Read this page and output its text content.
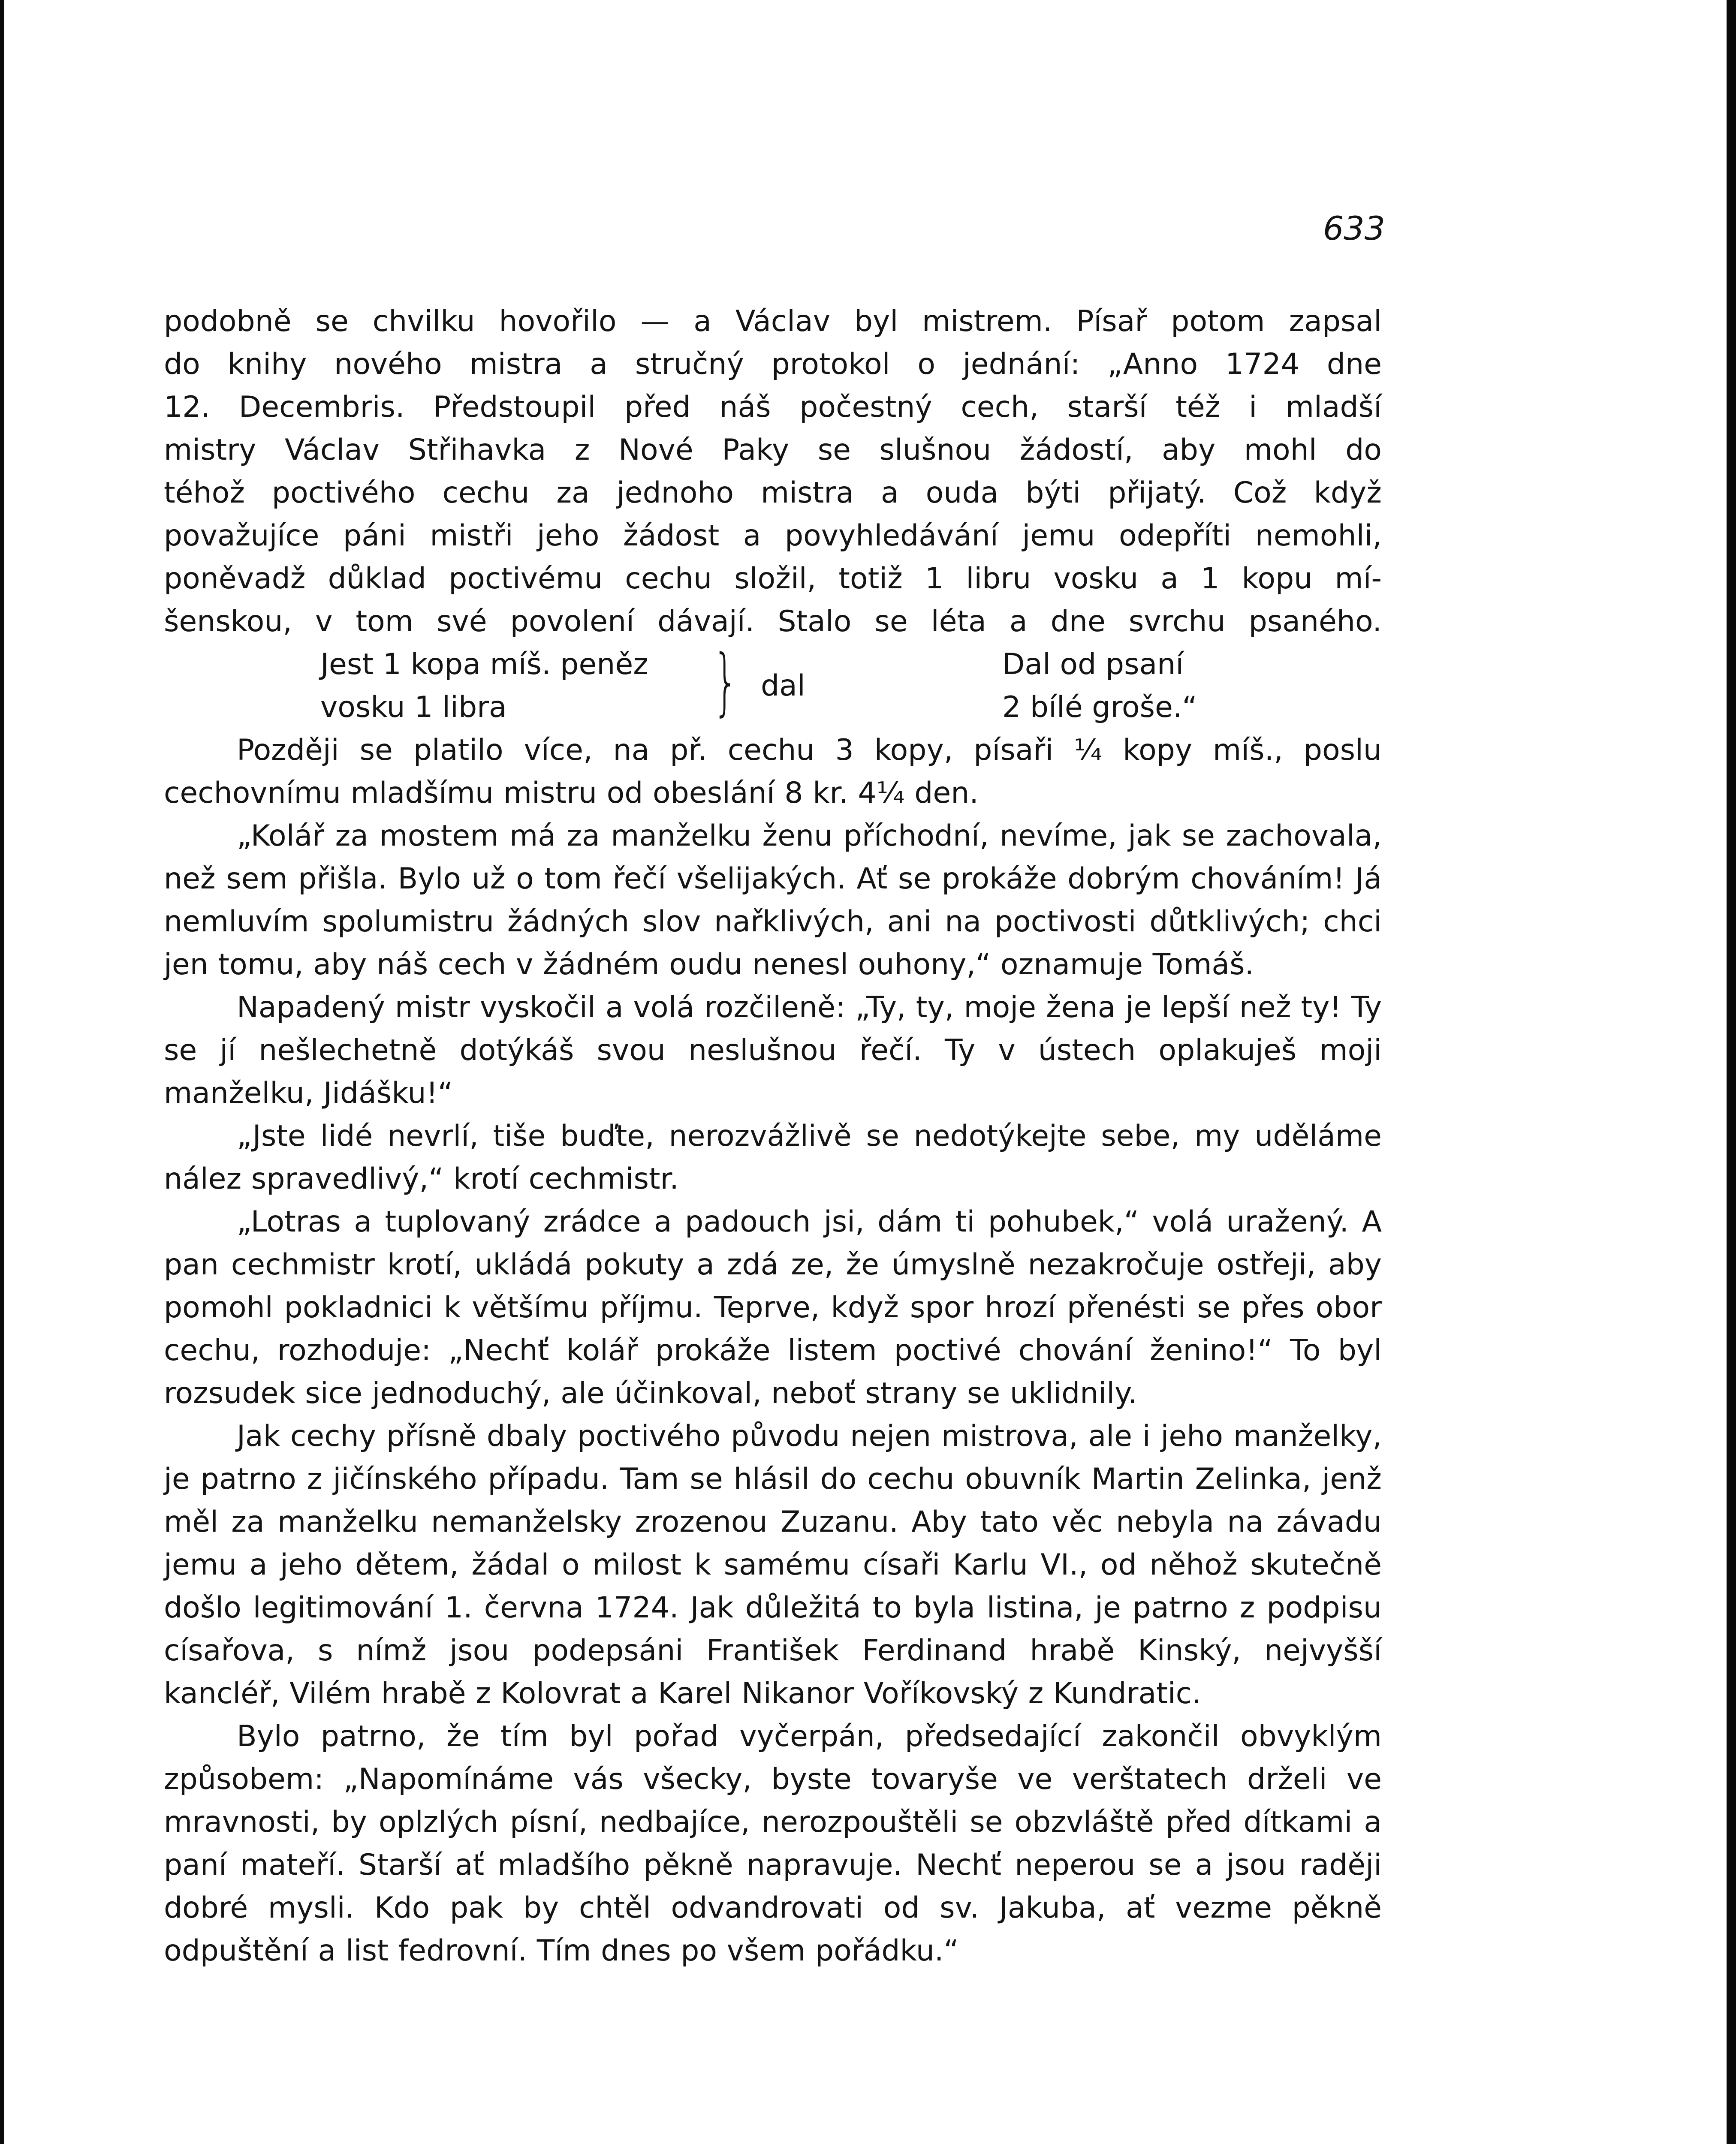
633

podobně se chvilku hovořilo — a Václav byl mistrem. Písař potom zapsal

do knihy nového mistra a stručný protokol o jednání: „Anno 1724 dne

12. Decembris. Předstoupil před náš počestný cech, starší též i mladší

mistry Václav Střihavka z Nové Paky se slušnou žádostí, aby mohl do

téhož poctivého cechu za jednoho mistra a ouda býti přijatý. Což když

považujíce páni mistři jeho žádost a povyhledávání jemu odepříti nemohli,

poněvadž důklad poctivému cechu složil, totiž 1 libru vosku a 1 kopu mí-

šenskou, v tom své povolení dávají. Stalo se léta a dne svrchu psaného.

Jest 1 kopa míš. peněz
vosku 1 libra	} dal
Dal od psaní
2 bílé groše.“

Později se platilo více, na př. cechu 3 kopy, písaři ¼ kopy míš., poslu cechovnímu mladšímu mistru od obeslání 8 kr. 4¼ den.

„Kolář za mostem má za manželku ženu příchodní, nevíme, jak se zachovala, než sem přišla. Bylo už o tom řečí všelijakých. Ať se prokáže dobrým chováním! Já nemluvím spolumistru žádných slov nařklivých, ani na poctivosti důtklivých; chci jen tomu, aby náš cech v žádném oudu nenesl ouhony,“ oznamuje Tomáš.

Napadený mistr vyskočil a volá rozčileně: „Ty, ty, moje žena je lepší než ty! Ty se jí nešlechetně dotýkáš svou neslušnou řečí. Ty v ústech oplakuješ moji manželku, Jidášku!“

„Jste lidé nevrlí, tiše buďte, nerozvážlivě se nedotýkejte sebe, my uděláme nález spravedlivý,“ krotí cechmistr.

„Lotras a tuplovaný zrádce a padouch jsi, dám ti pohubek,“ volá uražený. A pan cechmistr krotí, ukládá pokuty a zdá ze, že úmyslně nezakročuje ostřeji, aby pomohl pokladnici k většímu příjmu. Teprve, když spor hrozí přenésti se přes obor cechu, rozhoduje: „Nechť kolář prokáže listem poctivé chování ženino!“ To byl rozsudek sice jednoduchý, ale účinkoval, neboť strany se uklidnily.

Jak cechy přísně dbaly poctivého původu nejen mistrova, ale i jeho manželky, je patrno z jičínského případu. Tam se hlásil do cechu obuvník Martin Zelinka, jenž měl za manželku nemanželsky zrozenou Zuzanu. Aby tato věc nebyla na závadu jemu a jeho dětem, žádal o milost k samému císaři Karlu VI., od něhož skutečně došlo legitimování 1. června 1724. Jak důležitá to byla listina, je patrno z podpisu císařova, s nímž jsou podepsáni František Ferdinand hrabě Kinský, nejvyšší kancléř, Vilém hrabě z Kolovrat a Karel Nikanor Voříkovský z Kundratic.

Bylo patrno, že tím byl pořad vyčerpán, předsedající zakončil obvyklým způsobem: „Napomínáme vás všecky, byste tovaryše ve verštatech drželi ve mravnosti, by oplzlých písní, nedbajíce, nerozpouštěli se obzvláště před dítkami a paní mateří. Starší ať mladšího pěkně napravuje. Nechť neperou se a jsou raději dobré mysli. Kdo pak by chtěl odvandrovati od sv. Jakuba, ať vezme pěkně odpuštění a list fedrovní. Tím dnes po všem pořádku.“
